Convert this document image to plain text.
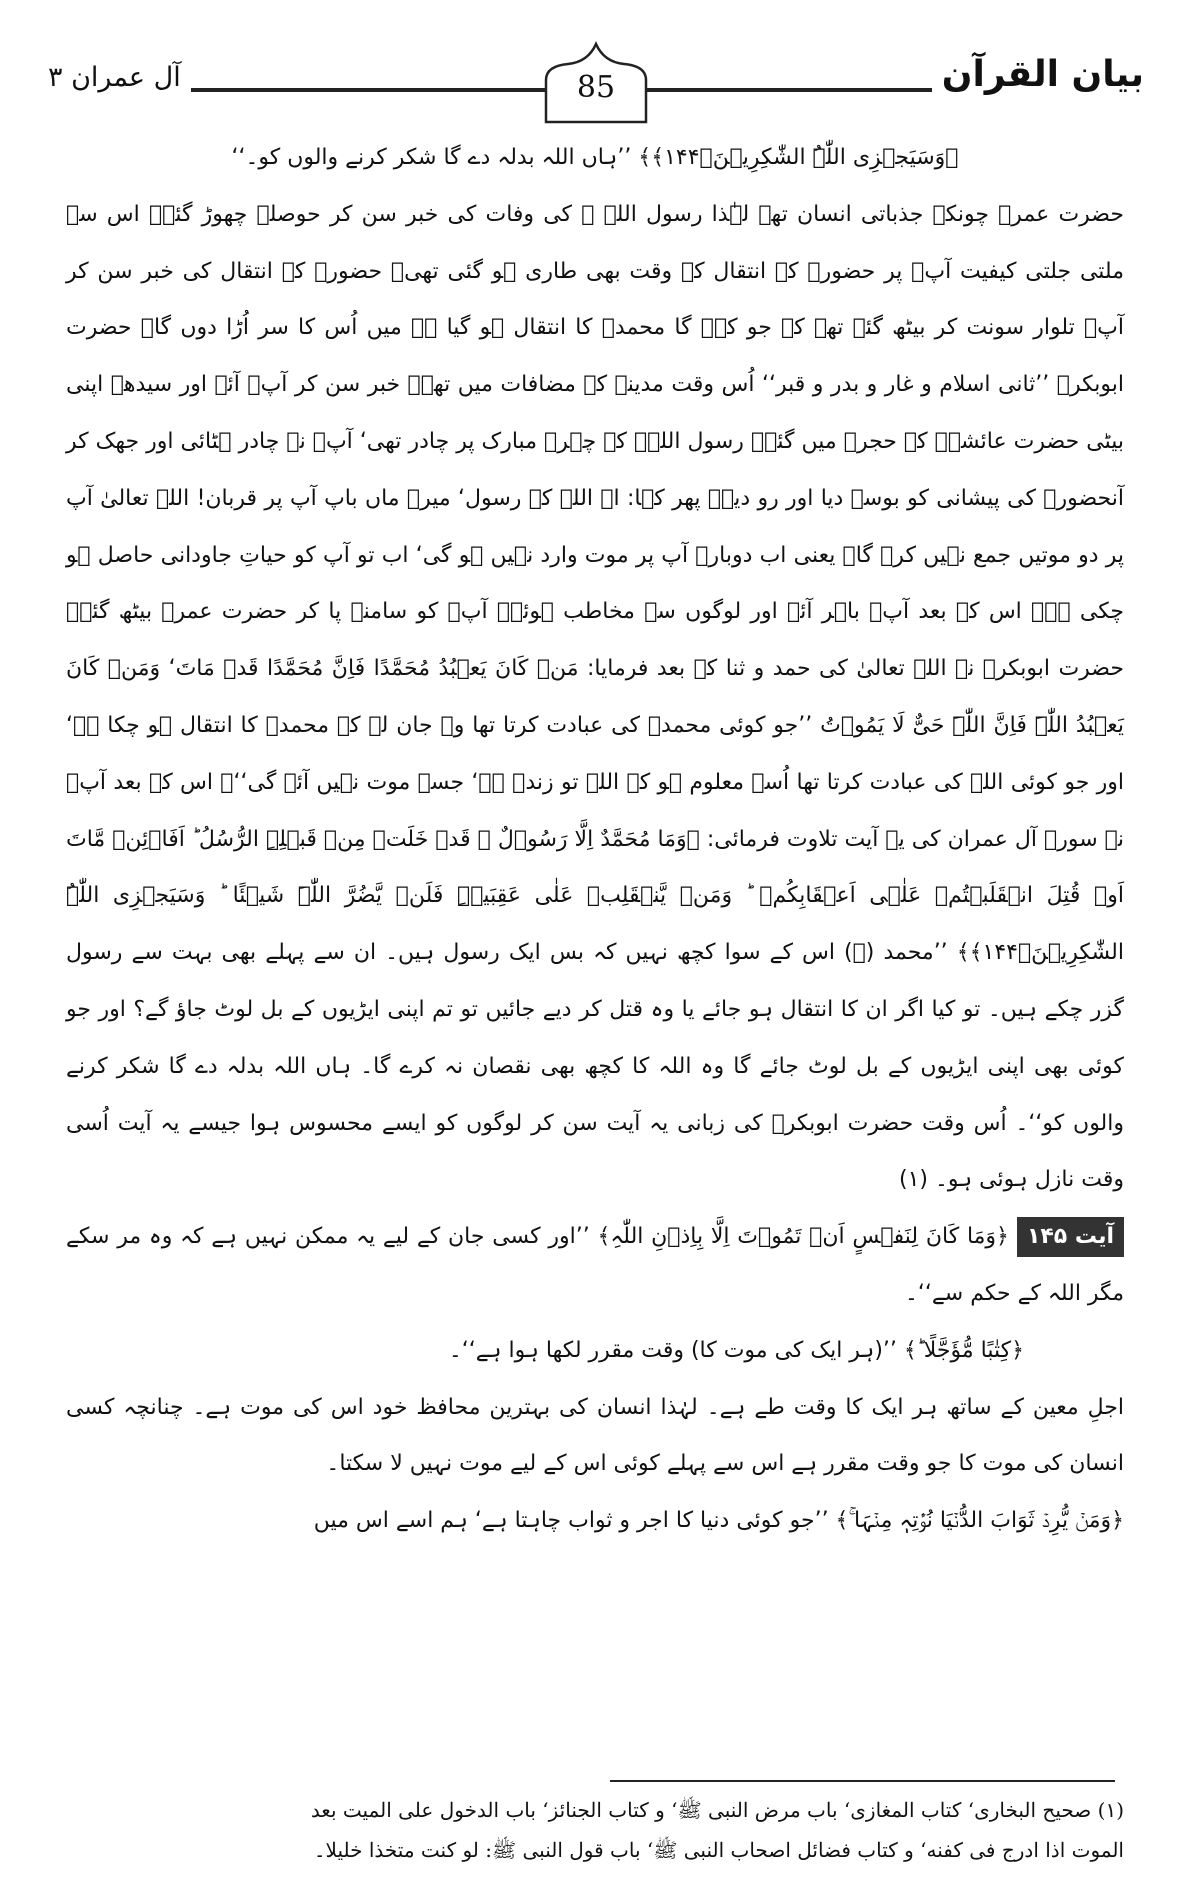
بیان القرآن
آل عمران ۳	85

﴿وَسَیَجۡزِی اللّٰہُ الشّٰکِرِیۡنَ﴿۱۴۴﴾﴾ ’’ہاں اللہ بدلہ دے گا شکر کرنے والوں کو۔‘‘

حضرت عمرؓ چونکہ جذباتی انسان تھے لہٰذا رسول اللہ ﷺ کی وفات کی خبر سن کر حوصلہ چھوڑ گئے۔ اس سے ملتی جلتی کیفیت آپؓ پر حضورﷺ کے انتقال کے وقت بھی طاری ہو گئی تھی۔ حضورﷺ کے انتقال کی خبر سن کر آپؓ تلوار سونت کر بیٹھ گئے تھے کہ جو کہے گا محمدﷺ کا انتقال ہو گیا ہے میں اُس کا سر اُڑا دوں گا۔ حضرت ابوبکرؓ ’’ثانی اسلام و غار و بدر و قبر‘‘ اُس وقت مدینہ کے مضافات میں تھے۔ خبر سن کر آپؓ آئے اور سیدھے اپنی بیٹی حضرت عائشہؓ کے حجرے میں گئے۔ رسول اللہﷺ کے چہرۂ مبارک پر چادر تھی‘ آپؓ نے چادر ہٹائی اور جھک کر آنحضورﷺ کی پیشانی کو بوسہ دیا اور رو دیے۔ پھر کہا: اے اللہ کے رسول‘ میرے ماں باپ آپ پر قربان! اللہ تعالیٰ آپ پر دو موتیں جمع نہیں کرے گا۔ یعنی اب دوبارہ آپ پر موت وارد نہیں ہو گی‘ اب تو آپ کو حیاتِ جاودانی حاصل ہو چکی ہے۔ اس کے بعد آپؓ باہر آئے اور لوگوں سے مخاطب ہوئے۔ آپؓ کو سامنے پا کر حضرت عمرؓ بیٹھ گئے۔ حضرت ابوبکرؓ نے اللہ تعالیٰ کی حمد و ثنا کے بعد فرمایا: مَنۡ کَانَ یَعۡبُدُ مُحَمَّدًا فَاِنَّ مُحَمَّدًا قَدۡ مَاتَ‘ وَمَنۡ کَانَ یَعۡبُدُ اللّٰہَ فَاِنَّ اللّٰہَ حَیٌّ لَا یَمُوۡتُ ’’جو کوئی محمدﷺ کی عبادت کرتا تھا وہ جان لے کہ محمدﷺ کا انتقال ہو چکا ہے‘ اور جو کوئی اللہ کی عبادت کرتا تھا اُسے معلوم ہو کہ اللہ تو زندہ ہے‘ جسے موت نہیں آئے گی‘‘۔ اس کے بعد آپؓ نے سورۂ آل عمران کی یہ آیت تلاوت فرمائی: ﴿وَمَا مُحَمَّدٌ اِلَّا رَسُوۡلٌ ۚ قَدۡ خَلَتۡ مِنۡ قَبۡلِہِ الرُّسُلُ ؕ اَفَا۠ئِنۡ مَّاتَ اَوۡ قُتِلَ انۡقَلَبۡتُمۡ عَلٰۤی اَعۡقَابِکُمۡ ؕ وَمَنۡ یَّنۡقَلِبۡ عَلٰی عَقِبَیۡہِ فَلَنۡ یَّضُرَّ اللّٰہَ شَیۡئًا ؕ وَسَیَجۡزِی اللّٰہُ الشّٰکِرِیۡنَ﴿۱۴۴﴾﴾ ’’محمد (ﷺ) اس کے سوا کچھ نہیں کہ بس ایک رسول ہیں۔ ان سے پہلے بھی بہت سے رسول گزر چکے ہیں۔ تو کیا اگر ان کا انتقال ہو جائے یا وہ قتل کر دیے جائیں تو تم اپنی ایڑیوں کے بل لوٹ جاؤ گے؟ اور جو کوئی بھی اپنی ایڑیوں کے بل لوٹ جائے گا وہ اللہ کا کچھ بھی نقصان نہ کرے گا۔ ہاں اللہ بدلہ دے گا شکر کرنے والوں کو‘‘۔ اُس وقت حضرت ابوبکرؓ کی زبانی یہ آیت سن کر لوگوں کو ایسے محسوس ہوا جیسے یہ آیت اُسی وقت نازل ہوئی ہو۔ (۱)

آیت ۱۴۵﴿وَمَا کَانَ لِنَفۡسٍ اَنۡ تَمُوۡتَ اِلَّا بِاِذۡنِ اللّٰہِ﴾ ’’اور کسی جان کے لیے یہ ممکن نہیں ہے کہ وہ مر سکے مگر اللہ کے حکم سے‘‘۔

﴿کِتٰبًا مُّؤَجَّلًا ؕ﴾ ’’(ہر ایک کی موت کا) وقت مقرر لکھا ہوا ہے‘‘۔

اجلِ معین کے ساتھ ہر ایک کا وقت طے ہے۔ لہٰذا انسان کی بہترین محافظ خود اس کی موت ہے۔ چنانچہ کسی انسان کی موت کا جو وقت مقرر ہے اس سے پہلے کوئی اس کے لیے موت نہیں لا سکتا۔

﴿وَمَنۡ یُّرِدۡ ثَوَابَ الدُّنۡیَا نُؤۡتِہٖ مِنۡہَا ۚ﴾ ’’جو کوئی دنیا کا اجر و ثواب چاہتا ہے‘ ہم اسے اس میں

(۱) صحیح البخاری‘ کتاب المغازی‘ باب مرض النبی ﷺ‘ و کتاب الجنائز‘ باب الدخول علی المیت بعد

الموت اذا ادرج فی کفنه‘ و کتاب فضائل اصحاب النبی ﷺ‘ باب قول النبی ﷺ: لو کنت متخذا خلیلا۔
